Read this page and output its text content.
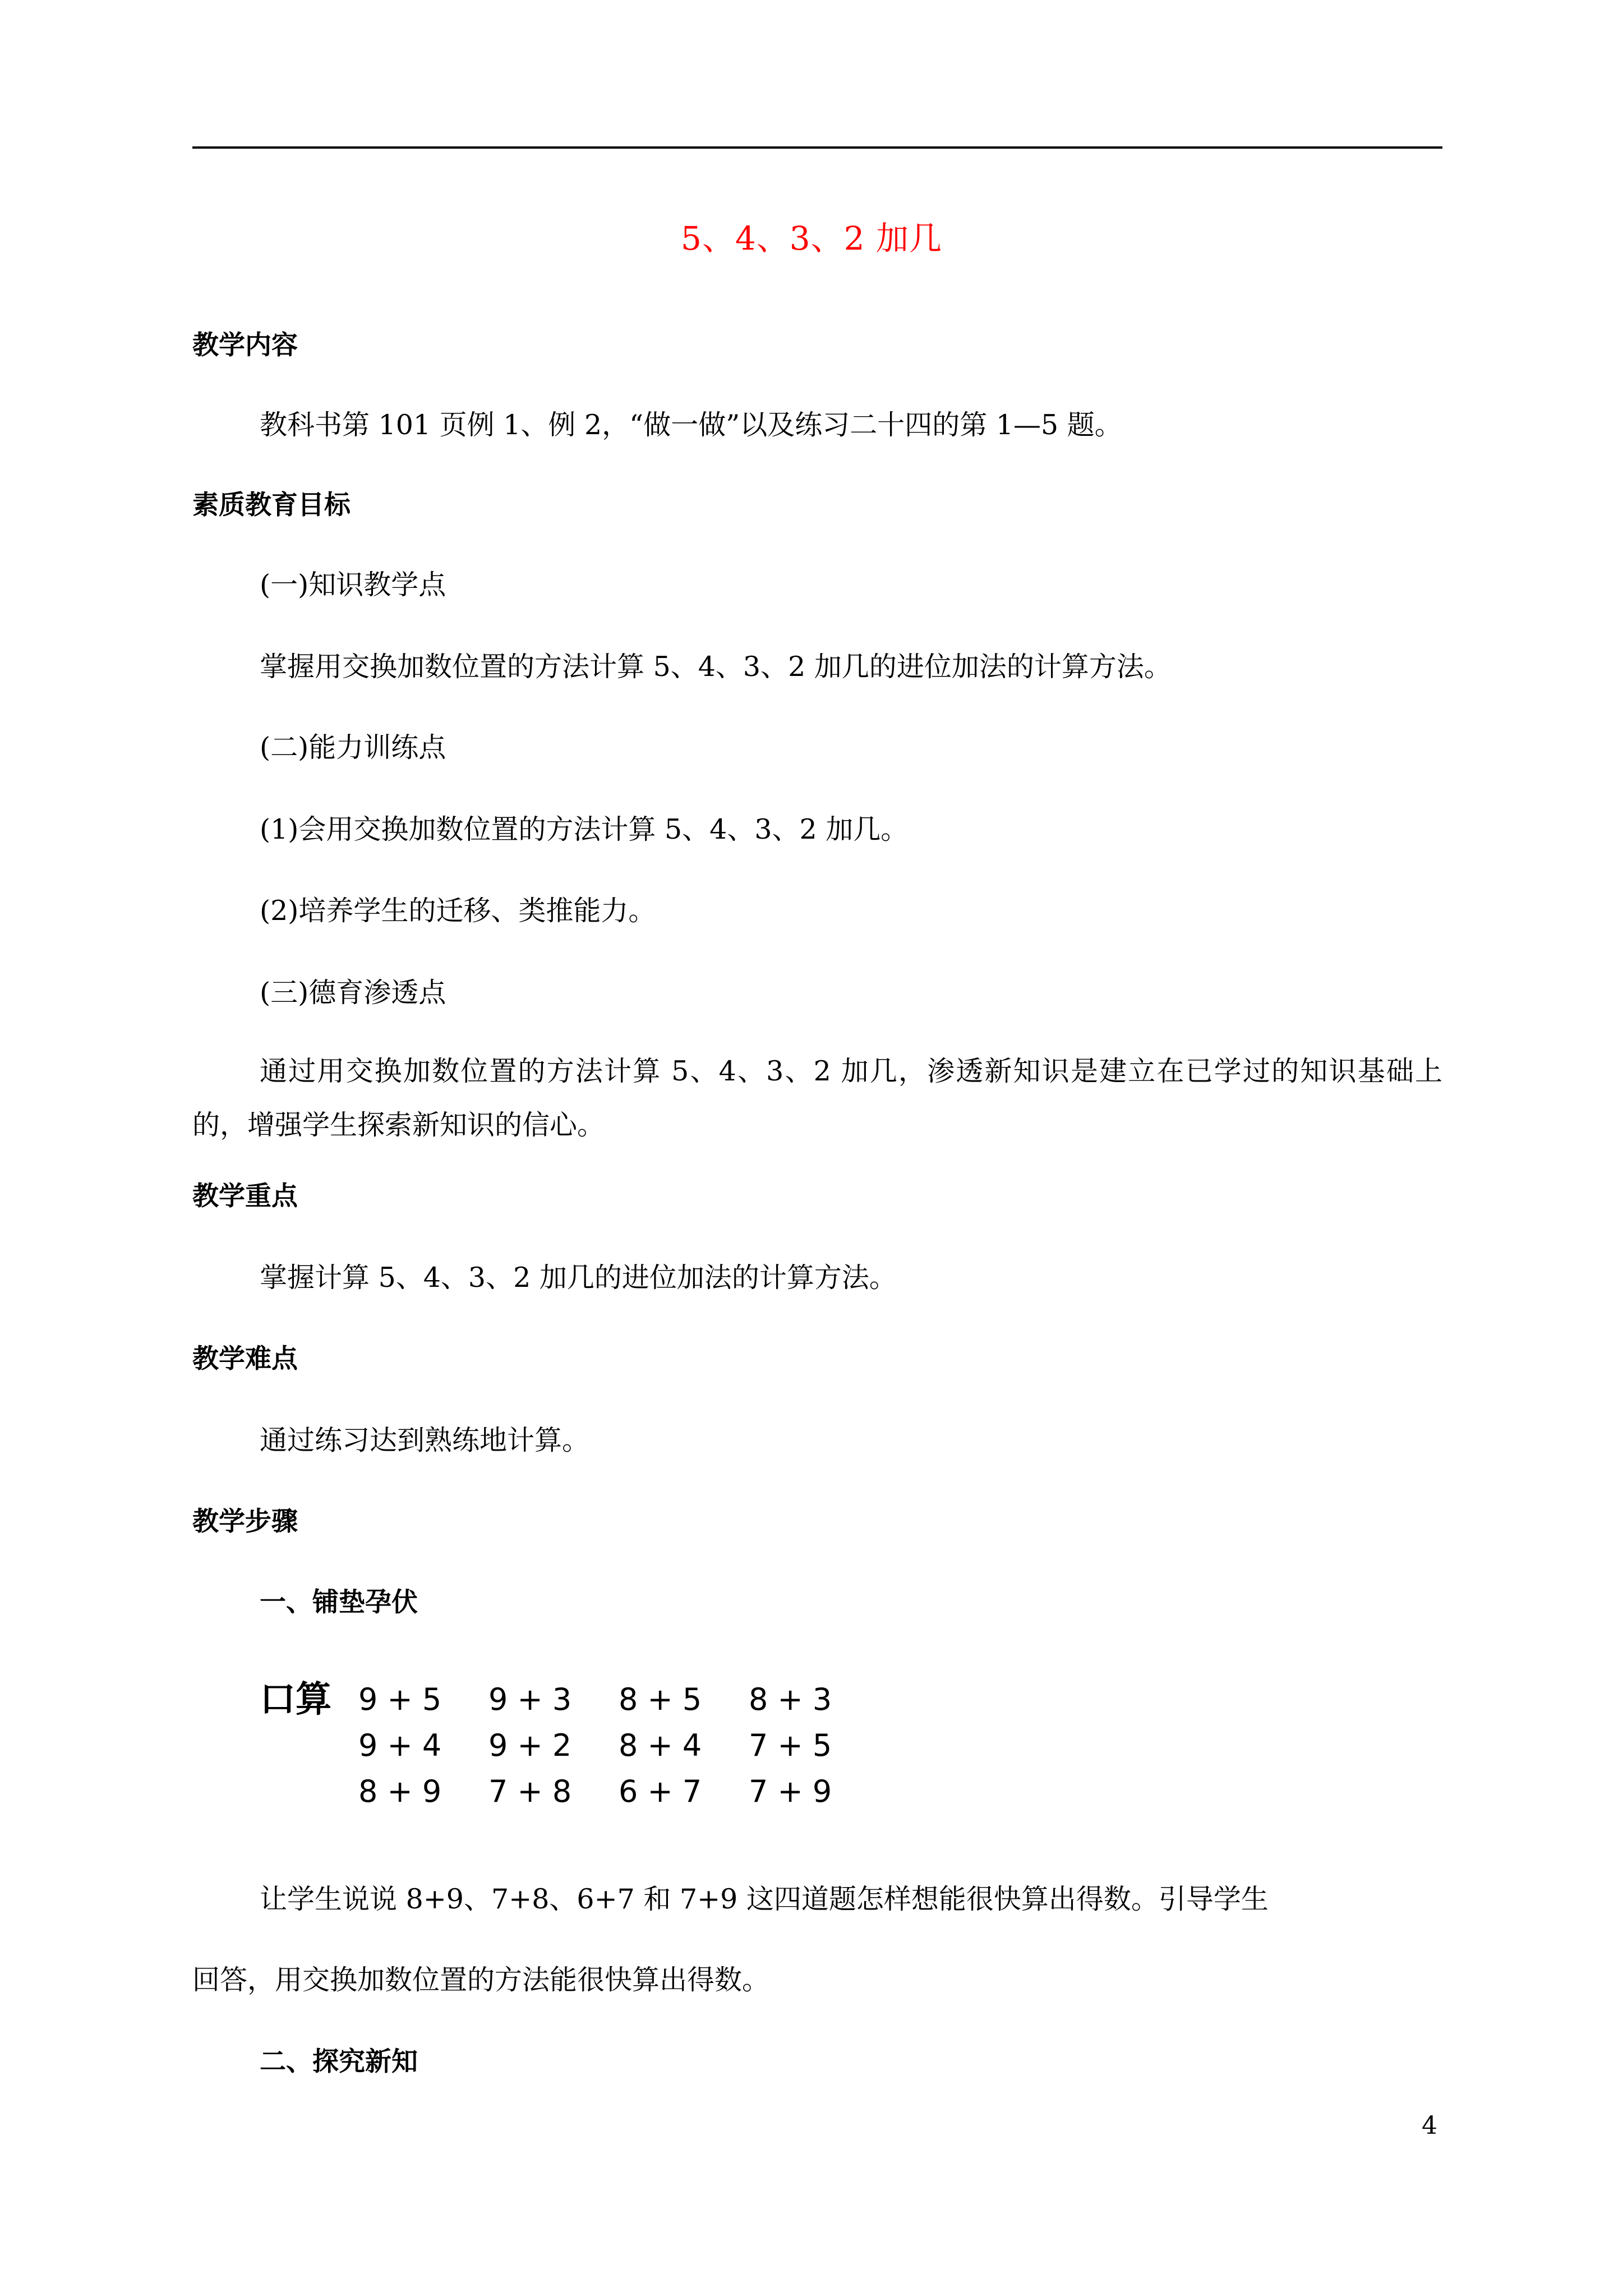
5、4、3、2 加几
教学内容
教科书第 101 页例 1、例 2，“做一做”以及练习二十四的第 1—5 题。
素质教育目标
(一)知识教学点
掌握用交换加数位置的方法计算 5、4、3、2 加几的进位加法的计算方法。
(二)能力训练点
(1)会用交换加数位置的方法计算 5、4、3、2 加几。
(2)培养学生的迁移、类推能力。
(三)德育渗透点
通过用交换加数位置的方法计算 5、4、3、2 加几，渗透新知识是建立在已学过的知识基础上的，增强学生探索新知识的信心。
教学重点
掌握计算 5、4、3、2 加几的进位加法的计算方法。
教学难点
通过练习达到熟练地计算。
教学步骤
一、铺垫孕伏
口算 9 + 5	9 + 3	8 + 5	8 + 3
9 + 4	9 + 2	8 + 4	7 + 5
8 + 9	7 + 8	6 + 7	7 + 9
让学生说说 8+9、7+8、6+7 和 7+9 这四道题怎样想能很快算出得数。引导学生
回答，用交换加数位置的方法能很快算出得数。
二、探究新知
4
